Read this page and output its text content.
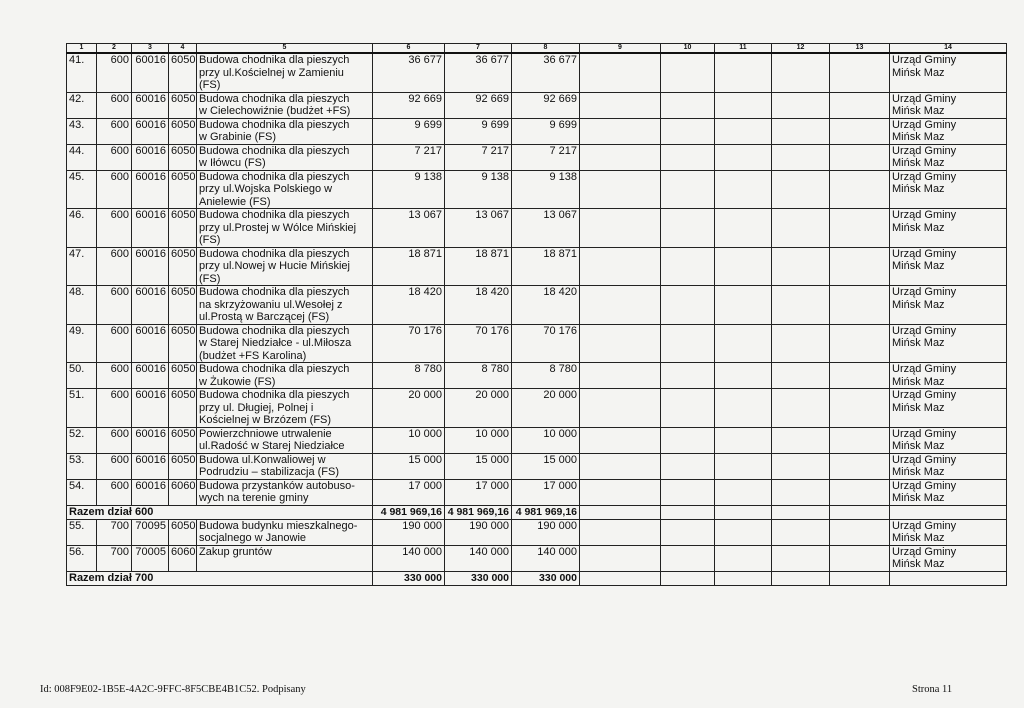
1	2	3	4	5	6	7	8	9	10	11	12	13	14
41.	600	60016	6050	Budowa chodnika dla pieszych
przy ul.Kościelnej w Zamieniu
(FS)	36 677	36 677	36 677						Urząd Gminy
Mińsk Maz
42.	600	60016	6050	Budowa chodnika dla pieszych
w Cielechowiźnie (budżet +FS)	92 669	92 669	92 669						Urząd Gminy
Mińsk Maz
43.	600	60016	6050	Budowa chodnika dla pieszych
w Grabinie (FS)	9 699	9 699	9 699						Urząd Gminy
Mińsk Maz
44.	600	60016	6050	Budowa chodnika dla pieszych
w Iłówcu (FS)	7 217	7 217	7 217						Urząd Gminy
Mińsk Maz
45.	600	60016	6050	Budowa chodnika dla pieszych
przy ul.Wojska Polskiego w
Anielewie (FS)	9 138	9 138	9 138						Urząd Gminy
Mińsk Maz
46.	600	60016	6050	Budowa chodnika dla pieszych
przy ul.Prostej w Wólce Mińskiej
(FS)	13 067	13 067	13 067						Urząd Gminy
Mińsk Maz
47.	600	60016	6050	Budowa chodnika dla pieszych
przy ul.Nowej w Hucie Mińskiej
(FS)	18 871	18 871	18 871						Urząd Gminy
Mińsk Maz
48.	600	60016	6050	Budowa chodnika dla pieszych
na skrzyżowaniu ul.Wesołej z
ul.Prostą w Barczącej (FS)	18 420	18 420	18 420						Urząd Gminy
Mińsk Maz
49.	600	60016	6050	Budowa chodnika dla pieszych
w Starej Niedziałce - ul.Miłosza
(budżet +FS Karolina)	70 176	70 176	70 176						Urząd Gminy
Mińsk Maz
50.	600	60016	6050	Budowa chodnika dla pieszych
w Żukowie (FS)	8 780	8 780	8 780						Urząd Gminy
Mińsk Maz
51.	600	60016	6050	Budowa chodnika dla pieszych
przy ul. Długiej, Polnej i
Kościelnej w Brzózem (FS)	20 000	20 000	20 000						Urząd Gminy
Mińsk Maz
52.	600	60016	6050	Powierzchniowe utrwalenie
ul.Radość w Starej Niedziałce	10 000	10 000	10 000						Urząd Gminy
Mińsk Maz
53.	600	60016	6050	Budowa ul.Konwaliowej w
Podrudziu – stabilizacja (FS)	15 000	15 000	15 000						Urząd Gminy
Mińsk Maz
54.	600	60016	6060	Budowa przystanków autobuso-
wych na terenie gminy	17 000	17 000	17 000						Urząd Gminy
Mińsk Maz
Razem dział 600					4 981 969,16	4 981 969,16	4 981 969,16						
55.	700	70095	6050	Budowa budynku mieszkalnego-
socjalnego w Janowie	190 000	190 000	190 000						Urząd Gminy
Mińsk Maz
56.	700	70005	6060	Zakup gruntów	140 000	140 000	140 000						Urząd Gminy
Mińsk Maz
Razem dział 700					330 000	330 000	330 000						
Id: 008F9E02-1B5E-4A2C-9FFC-8F5CBE4B1C52. Podpisany	Strona 11
